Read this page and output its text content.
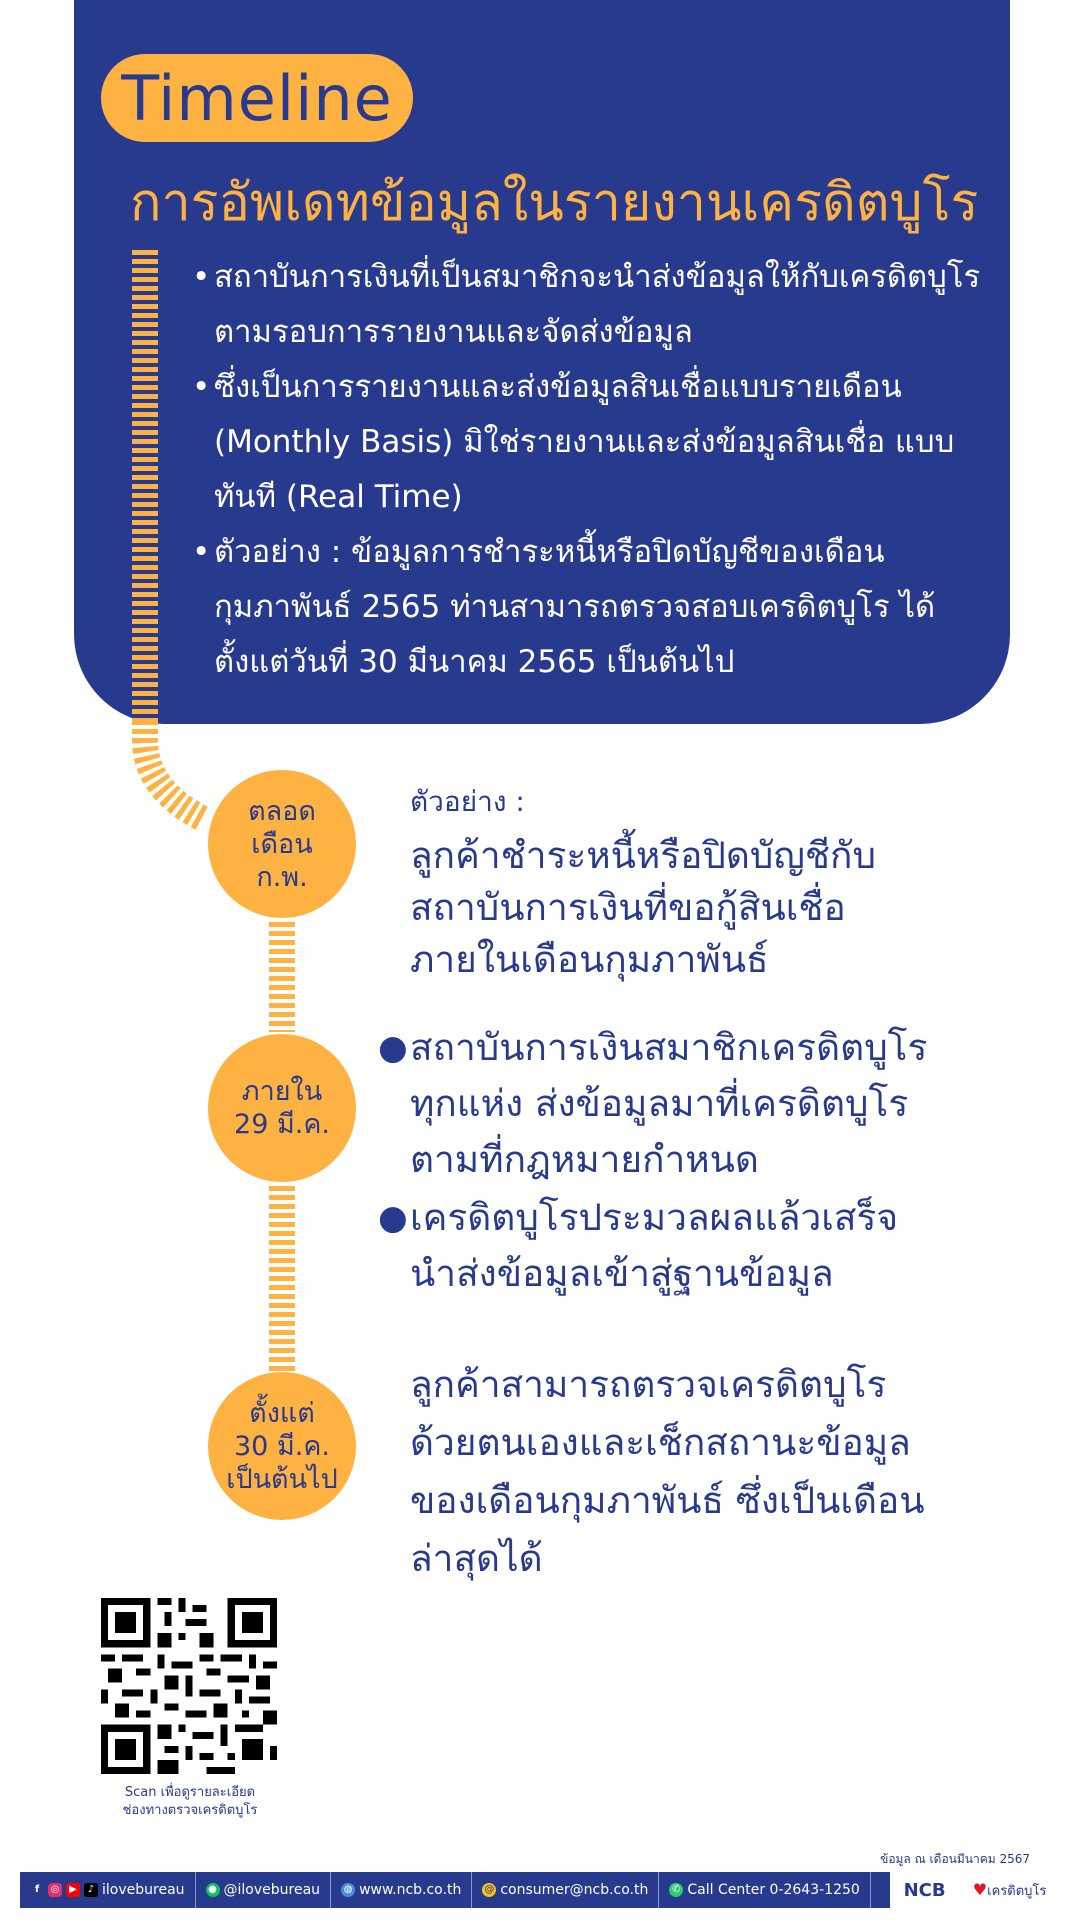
Timeline
การอัพเดทข้อมูลในรายงานเครดิตบูโร
• สถาบันการเงินที่เป็นสมาชิกจะนำส่งข้อมูลให้กับเครดิตบูโร ตามรอบการรายงานและจัดส่งข้อมูล
• ซึ่งเป็นการรายงานและส่งข้อมูลสินเชื่อแบบรายเดือน (Monthly Basis) มิใช่รายงานและส่งข้อมูลสินเชื่อ แบบทันที (Real Time)
• ตัวอย่าง : ข้อมูลการชำระหนี้หรือปิดบัญชีของเดือน กุมภาพันธ์ 2565 ท่านสามารถตรวจสอบเครดิตบูโร ได้ตั้งแต่วันที่ 30 มีนาคม 2565 เป็นต้นไป
ตลอด
เดือน
ก.พ.
ตัวอย่าง :
ลูกค้าชำระหนี้หรือปิดบัญชีกับ
สถาบันการเงินที่ขอกู้สินเชื่อ
ภายในเดือนกุมภาพันธ์
ภายใน
29 มี.ค.
● สถาบันการเงินสมาชิกเครดิตบูโร
ทุกแห่ง ส่งข้อมูลมาที่เครดิตบูโร
ตามที่กฎหมายกำหนด
● เครดิตบูโรประมวลผลแล้วเสร็จ
นำส่งข้อมูลเข้าสู่ฐานข้อมูล
ตั้งแต่
30 มี.ค.
เป็นต้นไป
ลูกค้าสามารถตรวจเครดิตบูโร
ด้วยตนเองและเช็กสถานะข้อมูล
ของเดือนกุมภาพันธ์ ซึ่งเป็นเดือน
ล่าสุดได้
Scan เพื่อดูรายละเอียด
ช่องทางตรวจเครดิตบูโร
ข้อมูล ณ เดือนมีนาคม 2567
f	◎ ▶	♪ ilovebureau ● @ilovebureau ◍ www.ncb.co.th @ consumer@ncb.co.th ✆ Call Center 0-2643-1250 NCB ♥เครดิตบูโร
